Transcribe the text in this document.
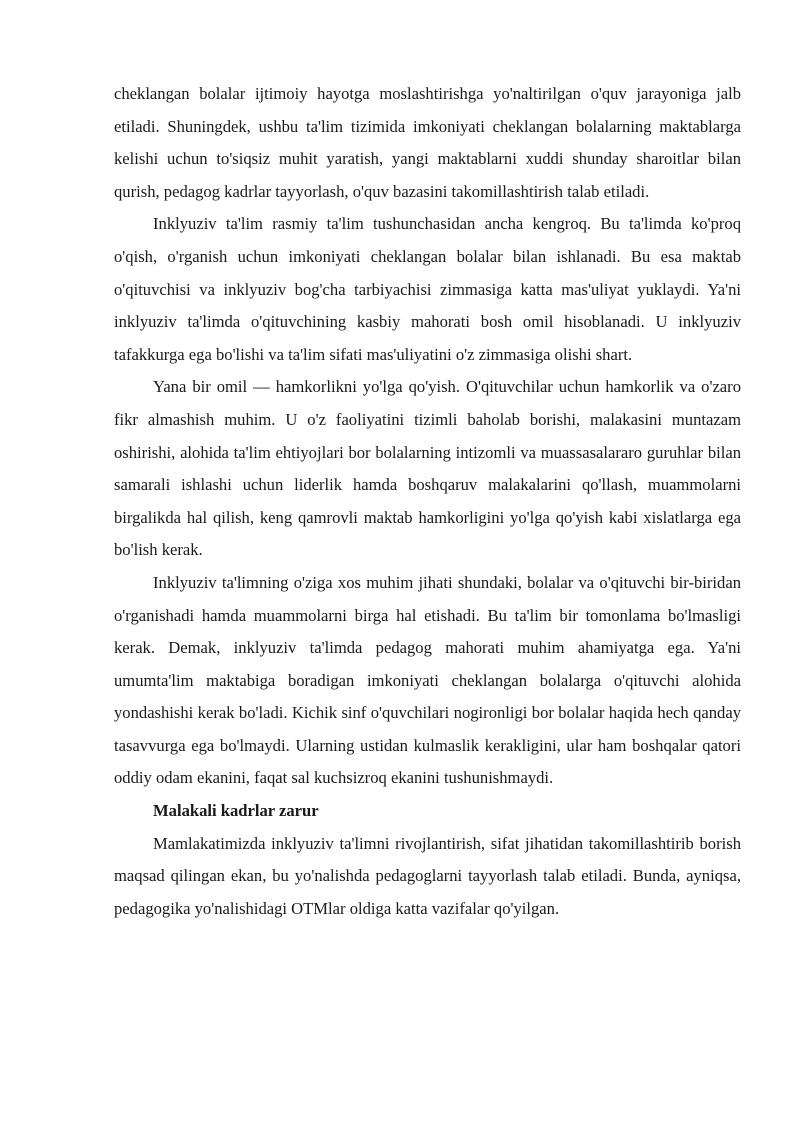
cheklangan bolalar ijtimoiy hayotga moslashtirishga yo'naltirilgan o'quv jarayoniga jalb etiladi. Shuningdek, ushbu ta'lim tizimida imkoniyati cheklangan bolalarning maktablarga kelishi uchun to'siqsiz muhit yaratish, yangi maktablarni xuddi shunday sharoitlar bilan qurish, pedagog kadrlar tayyorlash, o'quv bazasini takomillashtirish talab etiladi.

Inklyuziv ta'lim rasmiy ta'lim tushunchasidan ancha kengroq. Bu ta'limda ko'proq o'qish, o'rganish uchun imkoniyati cheklangan bolalar bilan ishlanadi. Bu esa maktab o'qituvchisi va inklyuziv bog'cha tarbiyachisi zimmasiga katta mas'uliyat yuklaydi. Ya'ni inklyuziv ta'limda o'qituvchining kasbiy mahorati bosh omil hisoblanadi. U inklyuziv tafakkurga ega bo'lishi va ta'lim sifati mas'uliyatini o'z zimmasiga olishi shart.

Yana bir omil — hamkorlikni yo'lga qo'yish. O'qituvchilar uchun hamkorlik va o'zaro fikr almashish muhim. U o'z faoliyatini tizimli baholab borishi, malakasini muntazam oshirishi, alohida ta'lim ehtiyojlari bor bolalarning intizomli va muassasalararo guruhlar bilan samarali ishlashi uchun liderlik hamda boshqaruv malakalarini qo'llash, muammolarni birgalikda hal qilish, keng qamrovli maktab hamkorligini yo'lga qo'yish kabi xislatlarga ega bo'lish kerak.

Inklyuziv ta'limning o'ziga xos muhim jihati shundaki, bolalar va o'qituvchi bir-biridan o'rganishadi hamda muammolarni birga hal etishadi. Bu ta'lim bir tomonlama bo'lmasligi kerak. Demak, inklyuziv ta'limda pedagog mahorati muhim ahamiyatga ega. Ya'ni umumta'lim maktabiga boradigan imkoniyati cheklangan bolalarga o'qituvchi alohida yondashishi kerak bo'ladi. Kichik sinf o'quvchilari nogironligi bor bolalar haqida hech qanday tasavvurga ega bo'lmaydi. Ularning ustidan kulmaslik kerakligini, ular ham boshqalar qatori oddiy odam ekanini, faqat sal kuchsizroq ekanini tushunishmaydi.

Malakali kadrlar zarur

Mamlakatimizda inklyuziv ta'limni rivojlantirish, sifat jihatidan takomillashtirib borish maqsad qilingan ekan, bu yo'nalishda pedagoglarni tayyorlash talab etiladi. Bunda, ayniqsa, pedagogika yo'nalishidagi OTMlar oldiga katta vazifalar qo'yilgan.
